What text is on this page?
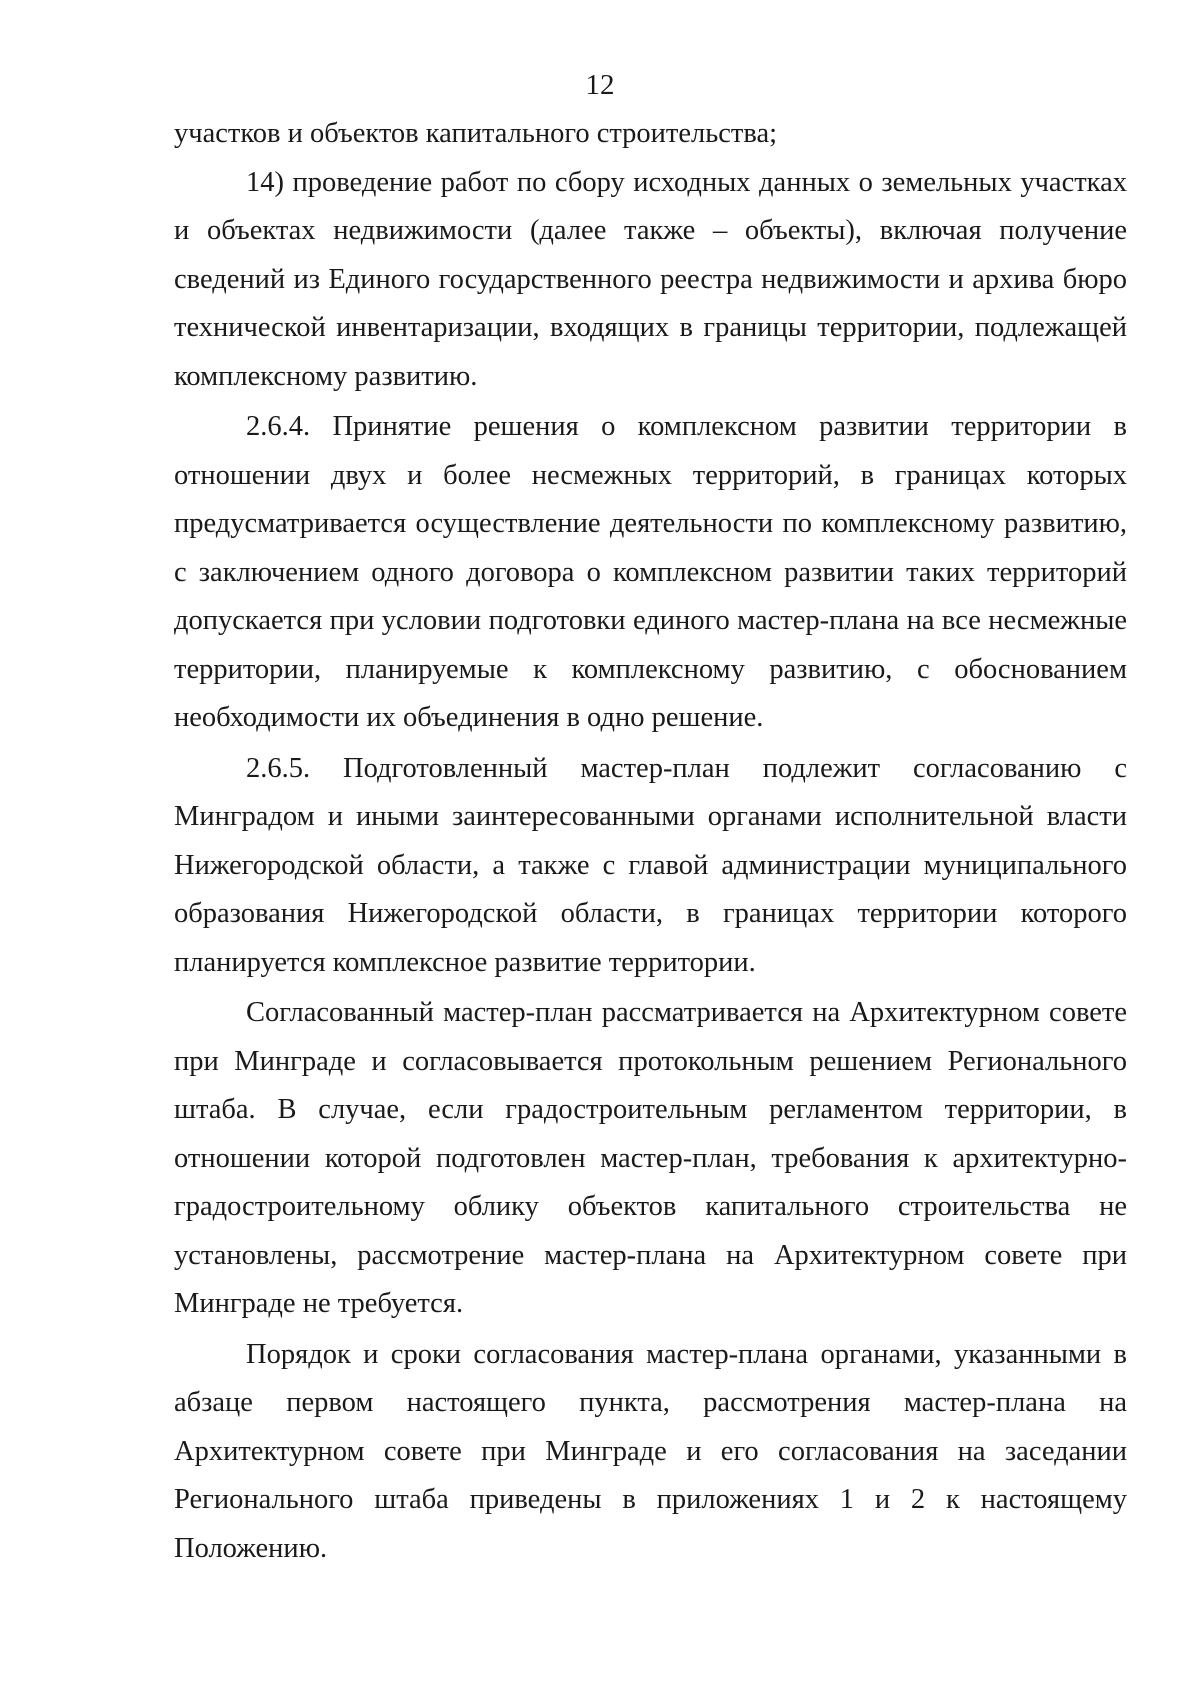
12

участков и объектов капитального строительства;

14) проведение работ по сбору исходных данных о земельных участках и объектах недвижимости (далее также – объекты), включая получение сведений из Единого государственного реестра недвижимости и архива бюро технической инвентаризации, входящих в границы территории, подлежащей комплексному развитию.

2.6.4. Принятие решения о комплексном развитии территории в отношении двух и более несмежных территорий, в границах которых предусматривается осуществление деятельности по комплексному развитию, с заключением одного договора о комплексном развитии таких территорий допускается при условии подготовки единого мастер-плана на все несмежные территории, планируемые к комплексному развитию, с обоснованием необходимости их объединения в одно решение.

2.6.5. Подготовленный мастер-план подлежит согласованию с Минградом и иными заинтересованными органами исполнительной власти Нижегородской области, а также с главой администрации муниципального образования Нижегородской области, в границах территории которого планируется комплексное развитие территории.

Согласованный мастер-план рассматривается на Архитектурном совете при Минграде и согласовывается протокольным решением Регионального штаба. В случае, если градостроительным регламентом территории, в отношении которой подготовлен мастер-план, требования к архитектурно-градостроительному облику объектов капитального строительства не установлены, рассмотрение мастер-плана на Архитектурном совете при Минграде не требуется.

Порядок и сроки согласования мастер-плана органами, указанными в абзаце первом настоящего пункта, рассмотрения мастер-плана на Архитектурном совете при Минграде и его согласования на заседании Регионального штаба приведены в приложениях 1 и 2 к настоящему Положению.
